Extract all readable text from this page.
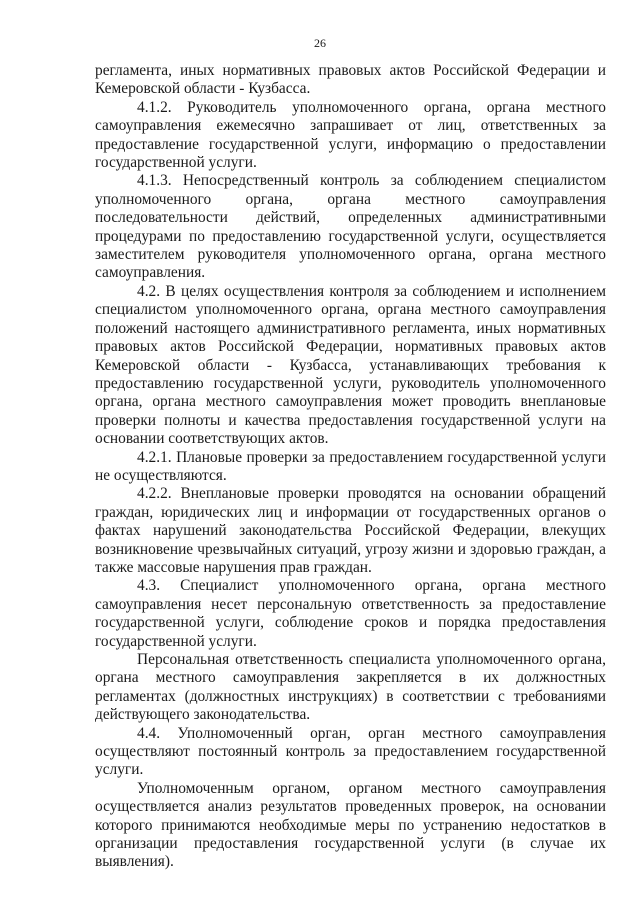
26

регламента, иных нормативных правовых актов Российской Федерации и Кемеровской области - Кузбасса.

4.1.2. Руководитель уполномоченного органа, органа местного самоуправления ежемесячно запрашивает от лиц, ответственных за предоставление государственной услуги, информацию о предоставлении государственной услуги.

4.1.3. Непосредственный контроль за соблюдением специалистом уполномоченного органа, органа местного самоуправления последовательности действий, определенных административными процедурами по предоставлению государственной услуги, осуществляется заместителем руководителя уполномоченного органа, органа местного самоуправления.

4.2. В целях осуществления контроля за соблюдением и исполнением специалистом уполномоченного органа, органа местного самоуправления положений настоящего административного регламента, иных нормативных правовых актов Российской Федерации, нормативных правовых актов Кемеровской области - Кузбасса, устанавливающих требования к предоставлению государственной услуги, руководитель уполномоченного органа, органа местного самоуправления может проводить внеплановые проверки полноты и качества предоставления государственной услуги на основании соответствующих актов.

4.2.1. Плановые проверки за предоставлением государственной услуги не осуществляются.

4.2.2. Внеплановые проверки проводятся на основании обращений граждан, юридических лиц и информации от государственных органов о фактах нарушений законодательства Российской Федерации, влекущих возникновение чрезвычайных ситуаций, угрозу жизни и здоровью граждан, а также массовые нарушения прав граждан.

4.3. Специалист уполномоченного органа, органа местного самоуправления несет персональную ответственность за предоставление государственной услуги, соблюдение сроков и порядка предоставления государственной услуги.

Персональная ответственность специалиста уполномоченного органа, органа местного самоуправления закрепляется в их должностных регламентах (должностных инструкциях) в соответствии с требованиями действующего законодательства.

4.4. Уполномоченный орган, орган местного самоуправления осуществляют постоянный контроль за предоставлением государственной услуги.

Уполномоченным органом, органом местного самоуправления осуществляется анализ результатов проведенных проверок, на основании которого принимаются необходимые меры по устранению недостатков в организации предоставления государственной услуги (в случае их выявления).
